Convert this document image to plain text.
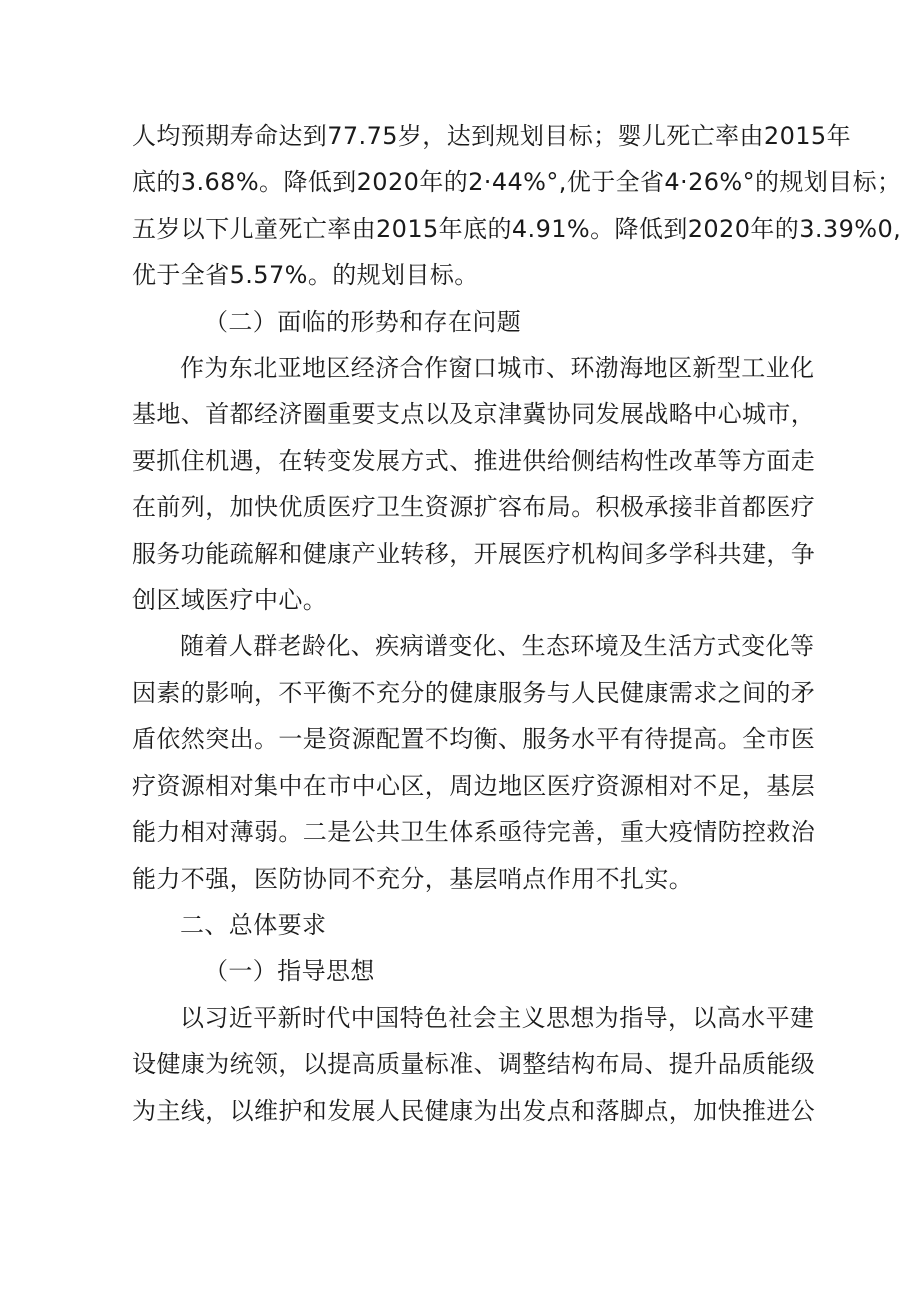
人均预期寿命达到77.75岁，达到规划目标；婴儿死亡率由2015年
底的3.68%。降低到2020年的2·44%°,优于全省4·26%°的规划目标；
五岁以下儿童死亡率由2015年底的4.91%。降低到2020年的3.39%0,
优于全省5.57%。的规划目标。

（二）面临的形势和存在问题

作为东北亚地区经济合作窗口城市、环渤海地区新型工业化
基地、首都经济圈重要支点以及京津冀协同发展战略中心城市，
要抓住机遇，在转变发展方式、推进供给侧结构性改革等方面走
在前列，加快优质医疗卫生资源扩容布局。积极承接非首都医疗
服务功能疏解和健康产业转移，开展医疗机构间多学科共建，争
创区域医疗中心。

随着人群老龄化、疾病谱变化、生态环境及生活方式变化等
因素的影响，不平衡不充分的健康服务与人民健康需求之间的矛
盾依然突出。一是资源配置不均衡、服务水平有待提高。全市医
疗资源相对集中在市中心区，周边地区医疗资源相对不足，基层
能力相对薄弱。二是公共卫生体系亟待完善，重大疫情防控救治
能力不强，医防协同不充分，基层哨点作用不扎实。

二、总体要求

（一）指导思想

以习近平新时代中国特色社会主义思想为指导，以高水平建
设健康为统领，以提高质量标准、调整结构布局、提升品质能级
为主线，以维护和发展人民健康为出发点和落脚点，加快推进公
